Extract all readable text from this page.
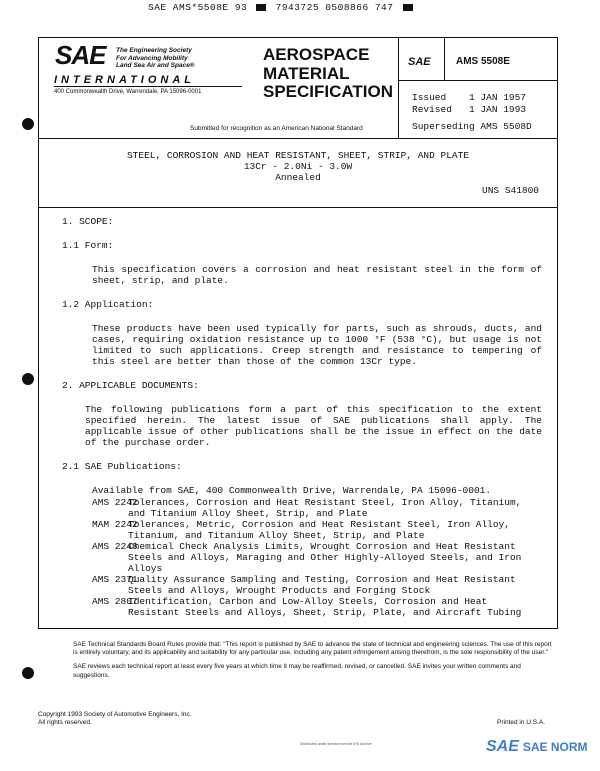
SAE AMS*5508E 93	7943725 0508866 747
SAE The Engineering Society
For Advancing Mobility
Land Sea Air and Space®
INTERNATIONAL
400 Commonwealth Drive, Warrendale, PA 15096-0001
AEROSPACE
MATERIAL
SPECIFICATION
SAE	AMS 5508E
Issued    1 JAN 1957
Revised   1 JAN 1993
Superseding AMS 5508D
Submitted for recognition as an American National Standard
STEEL, CORROSION AND HEAT RESISTANT, SHEET, STRIP, AND PLATE
13Cr - 2.0Ni - 3.0W
Annealed
UNS S41800
1. SCOPE:
1.1 Form:
This specification covers a corrosion and heat resistant steel in the form of sheet, strip, and plate.
1.2 Application:
These products have been used typically for parts, such as shrouds, ducts, and cases, requiring oxidation resistance up to 1000 °F (538 °C), but usage is not limited to such applications. Creep strength and resistance to tempering of this steel are better than those of the common 13Cr type.
2. APPLICABLE DOCUMENTS:
The following publications form a part of this specification to the extent specified herein. The latest issue of SAE publications shall apply. The applicable issue of other publications shall be the issue in effect on the date of the purchase order.
2.1 SAE Publications:
Available from SAE, 400 Commonwealth Drive, Warrendale, PA 15096-0001.
AMS 2242
Tolerances, Corrosion and Heat Resistant Steel, Iron Alloy, Titanium, and Titanium Alloy Sheet, Strip, and Plate
MAM 2242
Tolerances, Metric, Corrosion and Heat Resistant Steel, Iron Alloy, Titanium, and Titanium Alloy Sheet, Strip, and Plate
AMS 2248
Chemical Check Analysis Limits, Wrought Corrosion and Heat Resistant Steels and Alloys, Maraging and Other Highly-Alloyed Steels, and Iron Alloys
AMS 2371
Quality Assurance Sampling and Testing, Corrosion and Heat Resistant Steels and Alloys, Wrought Products and Forging Stock
AMS 2807
Identification, Carbon and Low-Alloy Steels, Corrosion and Heat Resistant Steels and Alloys, Sheet, Strip, Plate, and Aircraft Tubing

SAE Technical Standards Board Rules provide that: "This report is published by SAE to advance the state of technical and engineering sciences. The use of this report is entirely voluntary, and its applicability and suitability for any particular use, including any patent infringement arising therefrom, is the sole responsibility of the user."

SAE reviews each technical report at least every five years at which time it may be reaffirmed, revised, or cancelled. SAE invites your written comments and suggestions.

Copyright 1993 Society of Automotive Engineers, Inc.
All rights reserved.	Printed in U.S.A.
Distributed under license from the IHS Archive	SAE SAE NORM
